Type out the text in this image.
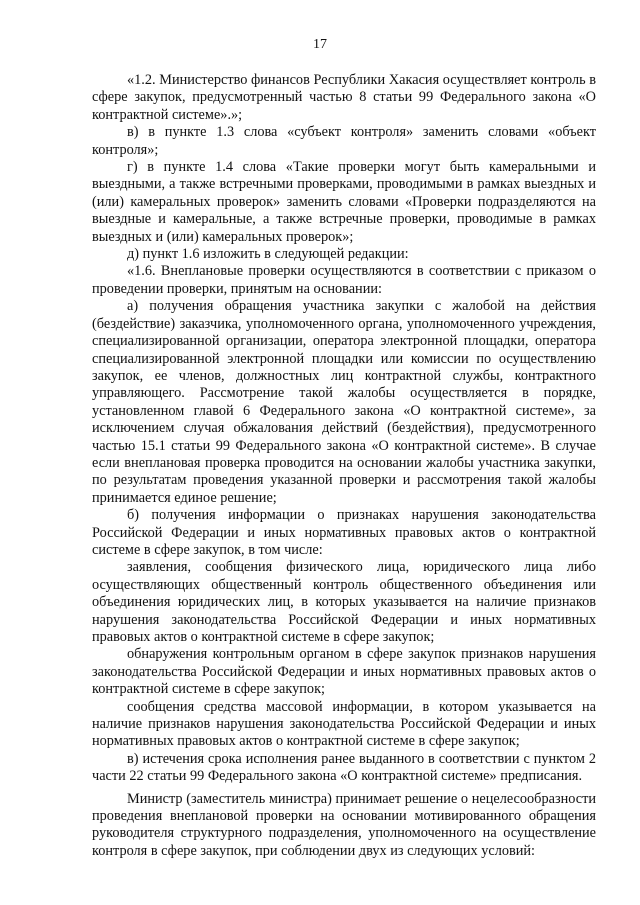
17

«1.2. Министерство финансов Республики Хакасия осуществляет контроль в сфере закупок, предусмотренный частью 8 статьи 99 Федерального закона «О контрактной системе».»;

в) в пункте 1.3 слова «субъект контроля» заменить словами «объект контроля»;

г) в пункте 1.4 слова «Такие проверки могут быть камеральными и выездными, а также встречными проверками, проводимыми в рамках выездных и (или) камеральных проверок» заменить словами «Проверки подразделяются на выездные и камеральные, а также встречные проверки, проводимые в рамках выездных и (или) камеральных проверок»;

д) пункт 1.6 изложить в следующей редакции:

«1.6. Внеплановые проверки осуществляются в соответствии с приказом о проведении проверки, принятым на основании:

а) получения обращения участника закупки с жалобой на действия (бездействие) заказчика, уполномоченного органа, уполномоченного учреждения, специализированной организации, оператора электронной площадки, оператора специализированной электронной площадки или комиссии по осуществлению закупок, ее членов, должностных лиц контрактной службы, контрактного управляющего. Рассмотрение такой жалобы осуществляется в порядке, установленном главой 6 Федерального закона «О контрактной системе», за исключением случая обжалования действий (бездействия), предусмотренного частью 15.1 статьи 99 Федерального закона «О контрактной системе». В случае если внеплановая проверка проводится на основании жалобы участника закупки, по результатам проведения указанной проверки и рассмотрения такой жалобы принимается единое решение;

б) получения информации о признаках нарушения законодательства Российской Федерации и иных нормативных правовых актов о контрактной системе в сфере закупок, в том числе:

заявления, сообщения физического лица, юридического лица либо осуществляющих общественный контроль общественного объединения или объединения юридических лиц, в которых указывается на наличие признаков нарушения законодательства Российской Федерации и иных нормативных правовых актов о контрактной системе в сфере закупок;

обнаружения контрольным органом в сфере закупок признаков нарушения законодательства Российской Федерации и иных нормативных правовых актов о контрактной системе в сфере закупок;

сообщения средства массовой информации, в котором указывается на наличие признаков нарушения законодательства Российской Федерации и иных нормативных правовых актов о контрактной системе в сфере закупок;

в) истечения срока исполнения ранее выданного в соответствии с пунктом 2 части 22 статьи 99 Федерального закона «О контрактной системе» предписания.

Министр (заместитель министра) принимает решение о нецелесообразности проведения внеплановой проверки на основании мотивированного обращения руководителя структурного подразделения, уполномоченного на осуществление контроля в сфере закупок, при соблюдении двух из следующих условий:
